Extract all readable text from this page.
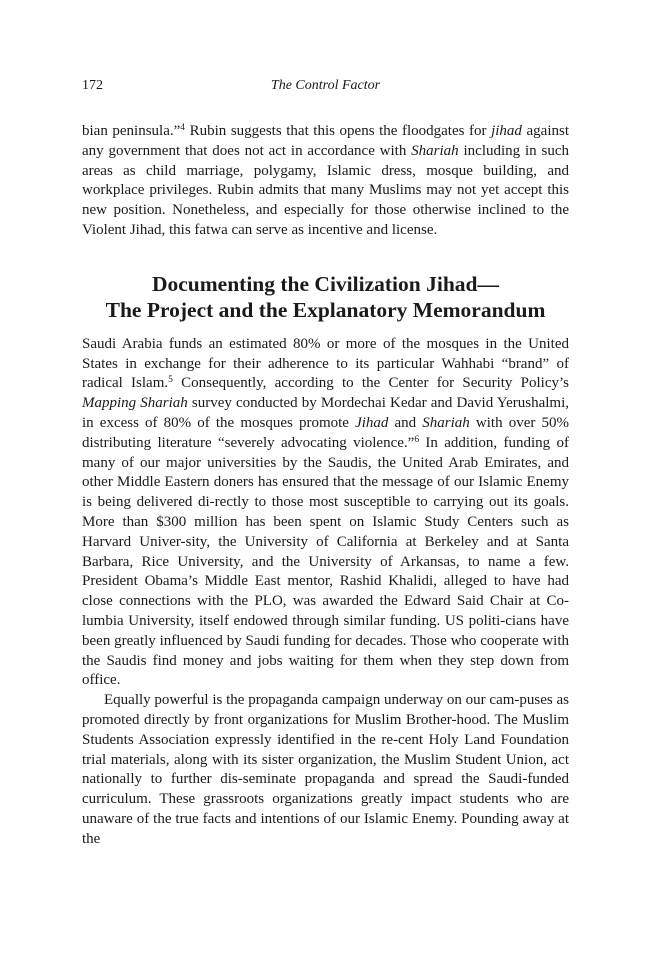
172	The Control Factor

bian peninsula.”$^4$ Rubin suggests that this opens the floodgates for jihad against any government that does not act in accordance with Shariah including in such areas as child marriage, polygamy, Islamic dress, mosque building, and workplace privileges. Rubin admits that many Muslims may not yet accept this new position. Nonetheless, and especially for those otherwise inclined to the Violent Jihad, this fatwa can serve as incentive and license.

Documenting the Civilization Jihad—
The Project and the Explanatory Memorandum

Saudi Arabia funds an estimated 80% or more of the mosques in the United States in exchange for their adherence to its particular Wahhabi “brand” of radical Islam.$^5$ Consequently, according to the Center for Security Policy’s Mapping Shariah survey conducted by Mordechai Kedar and David Yerushalmi, in excess of 80% of the mosques promote Jihad and Shariah with over 50% distributing literature “severely advocating violence.”$^6$ In addition, funding of many of our major universities by the Saudis, the United Arab Emirates, and other Middle Eastern doners has ensured that the message of our Islamic Enemy is being delivered di-rectly to those most susceptible to carrying out its goals. More than $300 million has been spent on Islamic Study Centers such as Harvard Univer-sity, the University of California at Berkeley and at Santa Barbara, Rice University, and the University of Arkansas, to name a few. President Obama’s Middle East mentor, Rashid Khalidi, alleged to have had close connections with the PLO, was awarded the Edward Said Chair at Co-lumbia University, itself endowed through similar funding. US politi-cians have been greatly influenced by Saudi funding for decades. Those who cooperate with the Saudis find money and jobs waiting for them when they step down from office.

Equally powerful is the propaganda campaign underway on our cam-puses as promoted directly by front organizations for Muslim Brother-hood. The Muslim Students Association expressly identified in the re-cent Holy Land Foundation trial materials, along with its sister organization, the Muslim Student Union, act nationally to further dis-seminate propaganda and spread the Saudi-funded curriculum. These grassroots organizations greatly impact students who are unaware of the true facts and intentions of our Islamic Enemy. Pounding away at the
